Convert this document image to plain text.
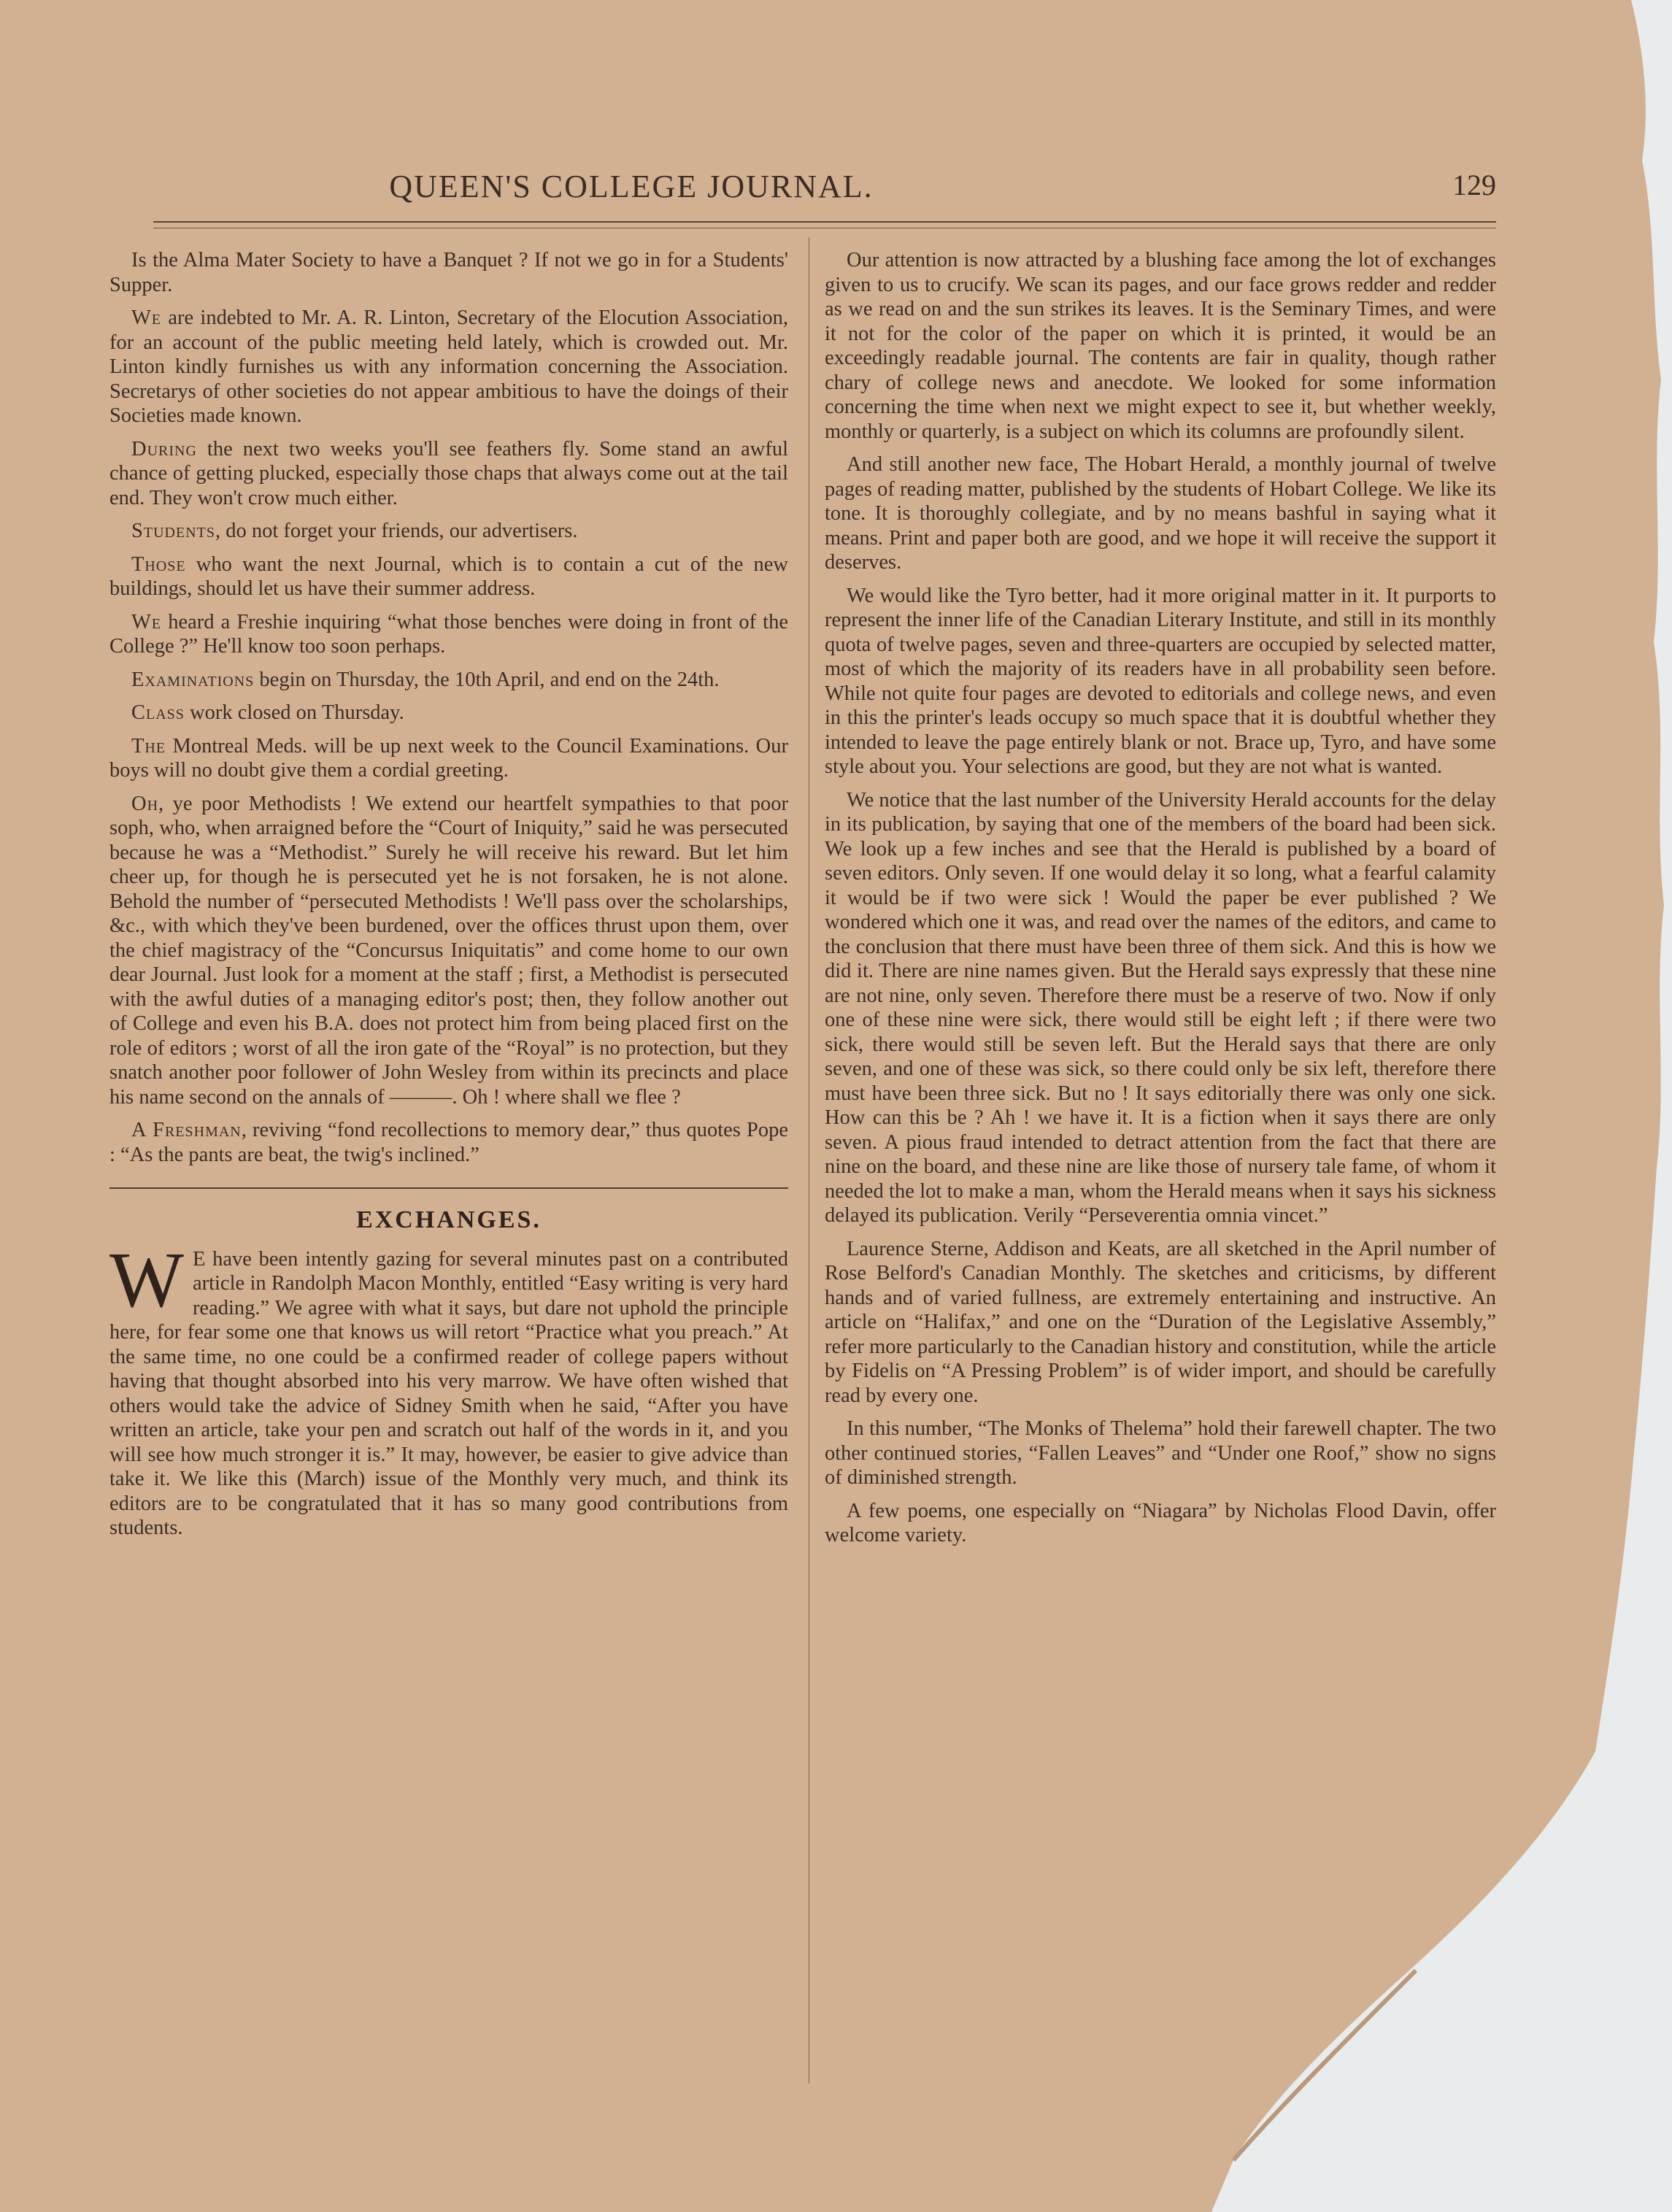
QUEEN'S COLLEGE JOURNAL.	129

Is the Alma Mater Society to have a Banquet ? If not we go in for a Students' Supper.

We are indebted to Mr. A. R. Linton, Secretary of the Elocution Association, for an account of the public meeting held lately, which is crowded out. Mr. Linton kindly furnishes us with any information concerning the Association. Secretarys of other societies do not appear ambitious to have the doings of their Societies made known.

During the next two weeks you'll see feathers fly. Some stand an awful chance of getting plucked, especially those chaps that always come out at the tail end. They won't crow much either.

Students, do not forget your friends, our advertisers.

Those who want the next Journal, which is to contain a cut of the new buildings, should let us have their summer address.

We heard a Freshie inquiring “what those benches were doing in front of the College ?” He'll know too soon perhaps.

Examinations begin on Thursday, the 10th April, and end on the 24th.

Class work closed on Thursday.

The Montreal Meds. will be up next week to the Council Examinations. Our boys will no doubt give them a cordial greeting.

Oh, ye poor Methodists ! We extend our heartfelt sympathies to that poor soph, who, when arraigned before the “Court of Iniquity,” said he was persecuted because he was a “Methodist.” Surely he will receive his reward. But let him cheer up, for though he is persecuted yet he is not forsaken, he is not alone. Behold the number of “persecuted Methodists ! We'll pass over the scholarships, &c., with which they've been burdened, over the offices thrust upon them, over the chief magistracy of the “Concursus Iniquitatis” and come home to our own dear Journal. Just look for a moment at the staff ; first, a Methodist is persecuted with the awful duties of a managing editor's post; then, they follow another out of College and even his B.A. does not protect him from being placed first on the role of editors ; worst of all the iron gate of the “Royal” is no protection, but they snatch another poor follower of John Wesley from within its precincts and place his name second on the annals of ———. Oh ! where shall we flee ?

A Freshman, reviving “fond recollections to memory dear,” thus quotes Pope : “As the pants are beat, the twig's inclined.”

EXCHANGES.

W E have been intently gazing for several minutes past on a contributed article in Randolph Macon Monthly, entitled “Easy writing is very hard reading.” We agree with what it says, but dare not uphold the principle here, for fear some one that knows us will retort “Practice what you preach.” At the same time, no one could be a confirmed reader of college papers without having that thought absorbed into his very marrow. We have often wished that others would take the advice of Sidney Smith when he said, “After you have written an article, take your pen and scratch out half of the words in it, and you will see how much stronger it is.” It may, however, be easier to give advice than take it. We like this (March) issue of the Monthly very much, and think its editors are to be congratulated that it has so many good contributions from students.

Our attention is now attracted by a blushing face among the lot of exchanges given to us to crucify. We scan its pages, and our face grows redder and redder as we read on and the sun strikes its leaves. It is the Seminary Times, and were it not for the color of the paper on which it is printed, it would be an exceedingly readable journal. The contents are fair in quality, though rather chary of college news and anecdote. We looked for some information concerning the time when next we might expect to see it, but whether weekly, monthly or quarterly, is a subject on which its columns are profoundly silent.

And still another new face, The Hobart Herald, a monthly journal of twelve pages of reading matter, published by the students of Hobart College. We like its tone. It is thoroughly collegiate, and by no means bashful in saying what it means. Print and paper both are good, and we hope it will receive the support it deserves.

We would like the Tyro better, had it more original matter in it. It purports to represent the inner life of the Canadian Literary Institute, and still in its monthly quota of twelve pages, seven and three-quarters are occupied by selected matter, most of which the majority of its readers have in all probability seen before. While not quite four pages are devoted to editorials and college news, and even in this the printer's leads occupy so much space that it is doubtful whether they intended to leave the page entirely blank or not. Brace up, Tyro, and have some style about you. Your selections are good, but they are not what is wanted.

We notice that the last number of the University Herald accounts for the delay in its publication, by saying that one of the members of the board had been sick. We look up a few inches and see that the Herald is published by a board of seven editors. Only seven. If one would delay it so long, what a fearful calamity it would be if two were sick ! Would the paper be ever published ? We wondered which one it was, and read over the names of the editors, and came to the conclusion that there must have been three of them sick. And this is how we did it. There are nine names given. But the Herald says expressly that these nine are not nine, only seven. Therefore there must be a reserve of two. Now if only one of these nine were sick, there would still be eight left ; if there were two sick, there would still be seven left. But the Herald says that there are only seven, and one of these was sick, so there could only be six left, therefore there must have been three sick. But no ! It says editorially there was only one sick. How can this be ? Ah ! we have it. It is a fiction when it says there are only seven. A pious fraud intended to detract attention from the fact that there are nine on the board, and these nine are like those of nursery tale fame, of whom it needed the lot to make a man, whom the Herald means when it says his sickness delayed its publication. Verily “Perseverentia omnia vincet.”

Laurence Sterne, Addison and Keats, are all sketched in the April number of Rose Belford's Canadian Monthly. The sketches and criticisms, by different hands and of varied fullness, are extremely entertaining and instructive. An article on “Halifax,” and one on the “Duration of the Legislative Assembly,” refer more particularly to the Canadian history and constitution, while the article by Fidelis on “A Pressing Problem” is of wider import, and should be carefully read by every one.

In this number, “The Monks of Thelema” hold their farewell chapter. The two other continued stories, “Fallen Leaves” and “Under one Roof,” show no signs of diminished strength.

A few poems, one especially on “Niagara” by Nicholas Flood Davin, offer welcome variety.
